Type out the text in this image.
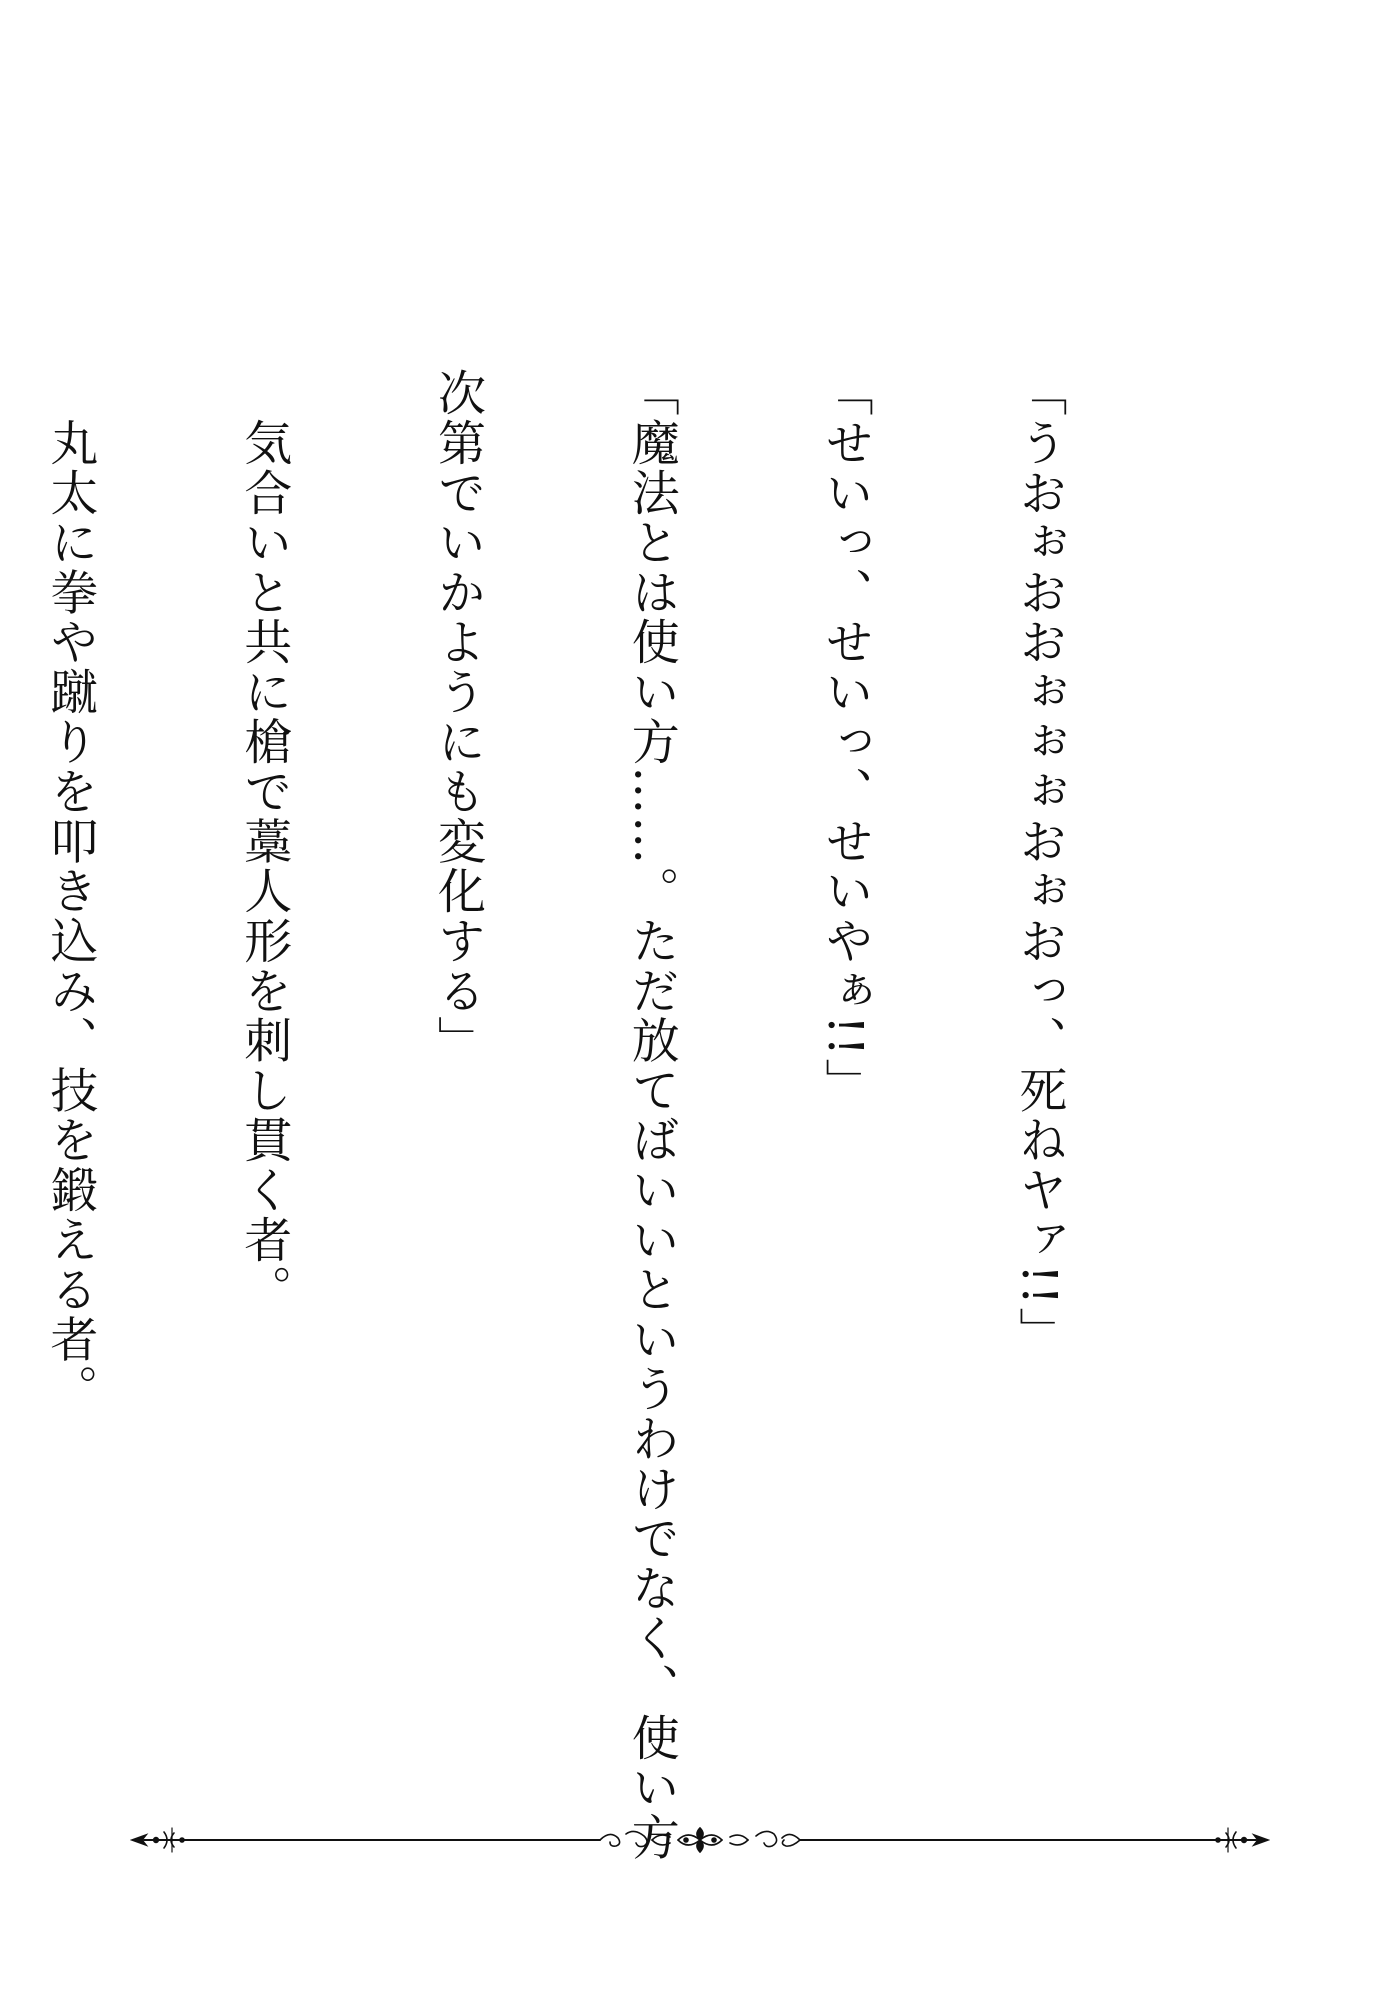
「うおぉおおぉぉぉおぉおっ、死ねヤァ!!」

「せいっ、せいっ、せいやぁ!!」

「魔法とは使い方……。ただ放てばいいというわけでなく、使い方

次第でいかようにも変化する」

　気合いと共に槍で藁人形を刺し貫く者。

　丸太に拳や蹴りを叩き込み、技を鍛える者。
